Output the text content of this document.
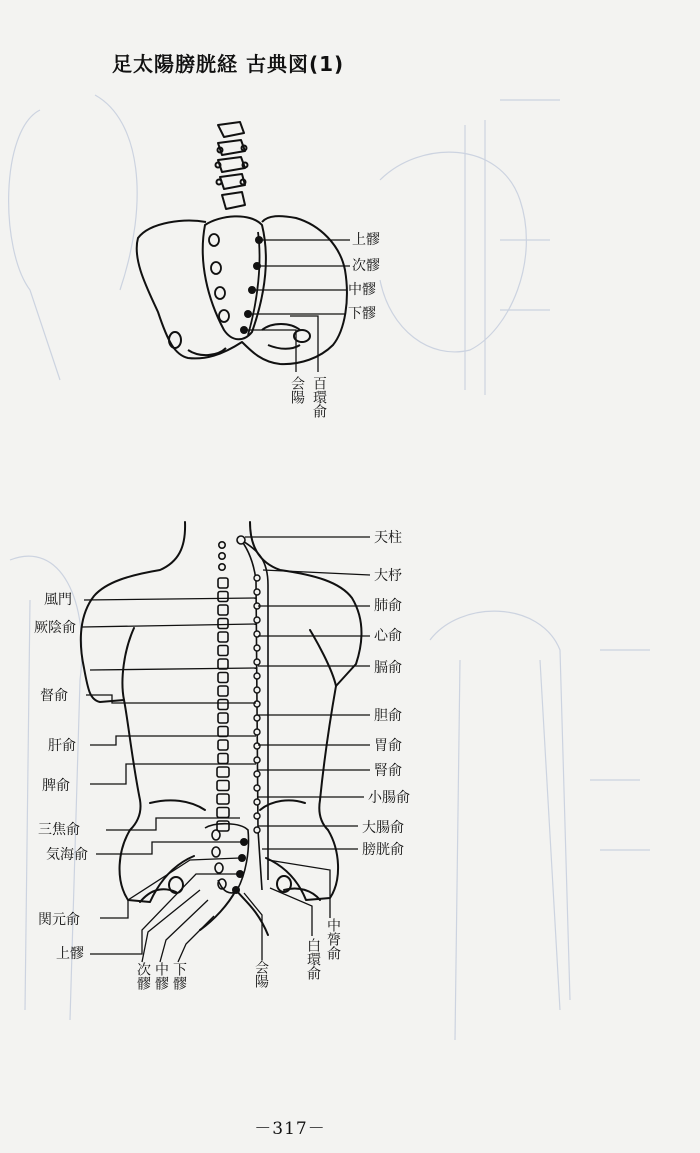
足太陽膀胱経 古典図(1)
上髎
次髎
中髎
下髎
会陽 百環俞
天柱
大杼
肺俞
心俞
膈俞
胆俞
胃俞
腎俞
小腸俞
大腸俞
膀胱俞
風門
厥陰俞
督俞
肝俞
脾俞
三焦俞
気海俞
関元俞
上髎
次髎 中髎 下髎	会陽	白環俞 中膂俞
－317－
